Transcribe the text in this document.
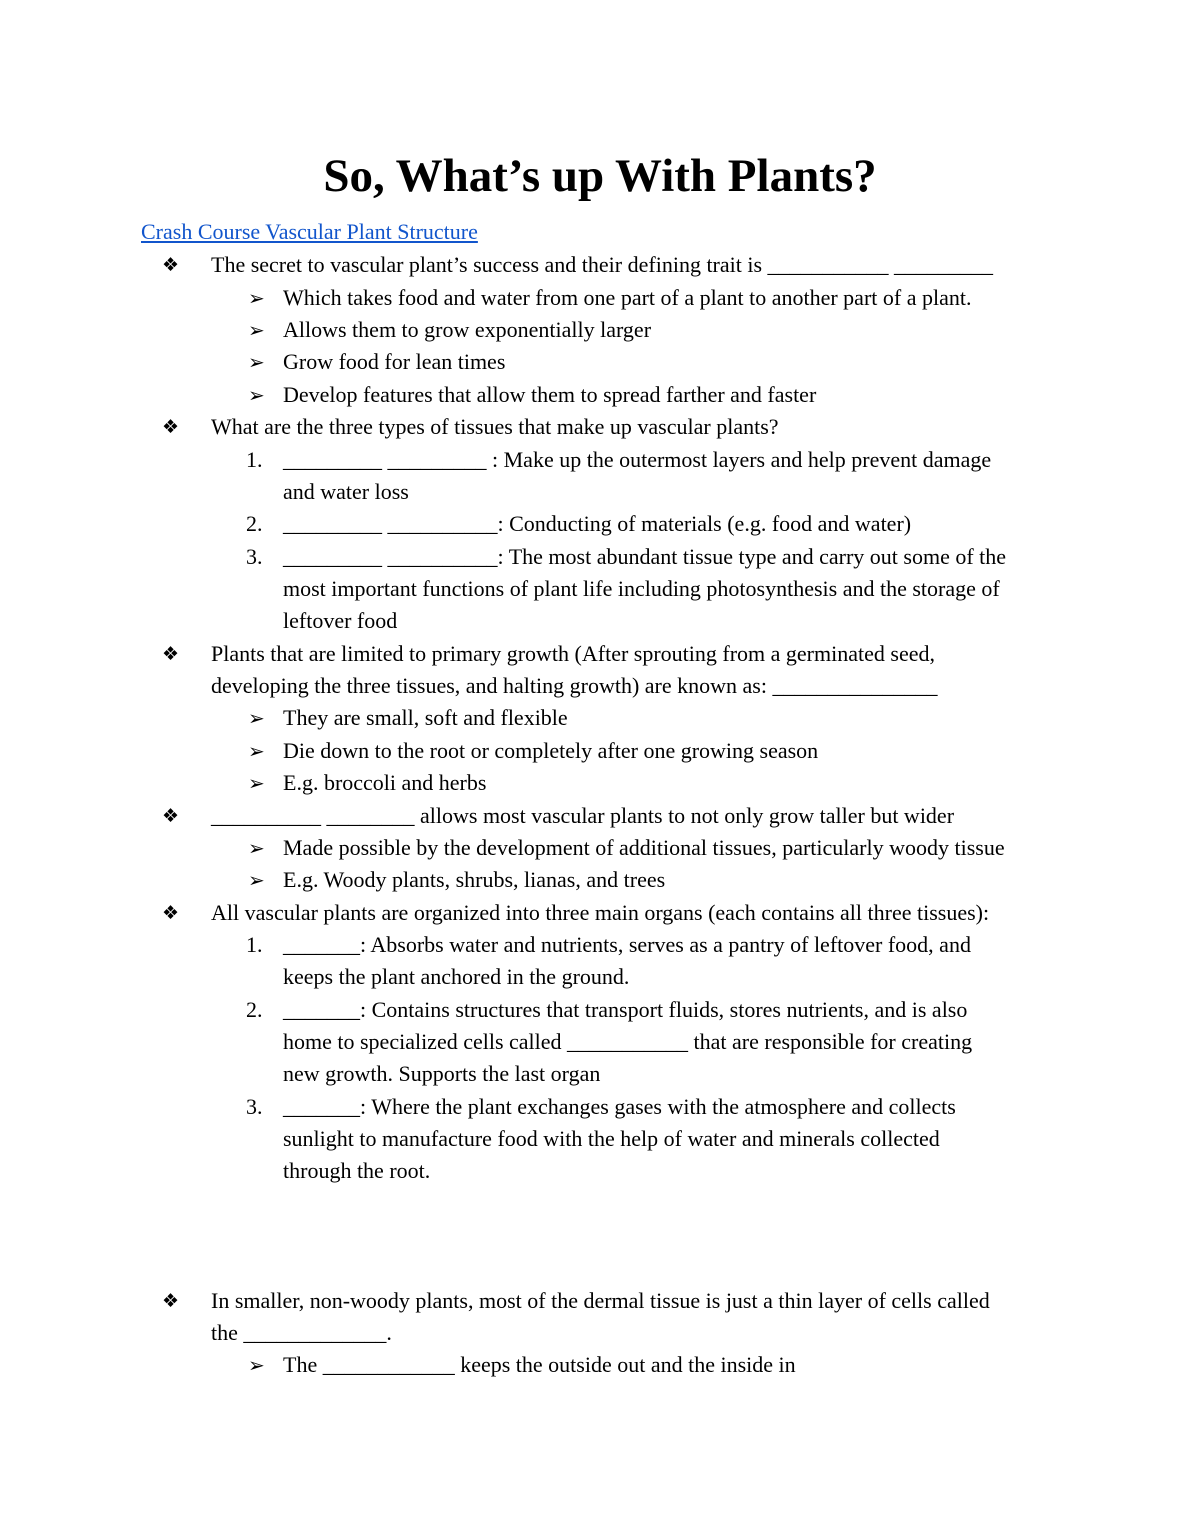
So, What’s up With Plants?
Crash Course Vascular Plant Structure
❖	The secret to vascular plant’s success and their defining trait is ___________ _________
➢ Which takes food and water from one part of a plant to another part of a plant.
➢ Allows them to grow exponentially larger
➢ Grow food for lean times
➢ Develop features that allow them to spread farther and faster
❖	What are the three types of tissues that make up vascular plants?
1. _________ _________ : Make up the outermost layers and help prevent damage
and water loss
2. _________ __________: Conducting of materials (e.g. food and water)
3. _________ __________: The most abundant tissue type and carry out some of the
most important functions of plant life including photosynthesis and the storage of
leftover food
❖	Plants that are limited to primary growth (After sprouting from a germinated seed,
developing the three tissues, and halting growth) are known as: _______________
➢ They are small, soft and flexible
➢ Die down to the root or completely after one growing season
➢ E.g. broccoli and herbs
❖	__________ ________ allows most vascular plants to not only grow taller but wider
➢ Made possible by the development of additional tissues, particularly woody tissue
➢ E.g. Woody plants, shrubs, lianas, and trees
❖	All vascular plants are organized into three main organs (each contains all three tissues):
1. _______: Absorbs water and nutrients, serves as a pantry of leftover food, and
keeps the plant anchored in the ground.
2. _______: Contains structures that transport fluids, stores nutrients, and is also
home to specialized cells called ___________ that are responsible for creating
new growth. Supports the last organ
3. _______: Where the plant exchanges gases with the atmosphere and collects
sunlight to manufacture food with the help of water and minerals collected
through the root.
❖	In smaller, non-woody plants, most of the dermal tissue is just a thin layer of cells called
the _____________.
➢ The ____________ keeps the outside out and the inside in
